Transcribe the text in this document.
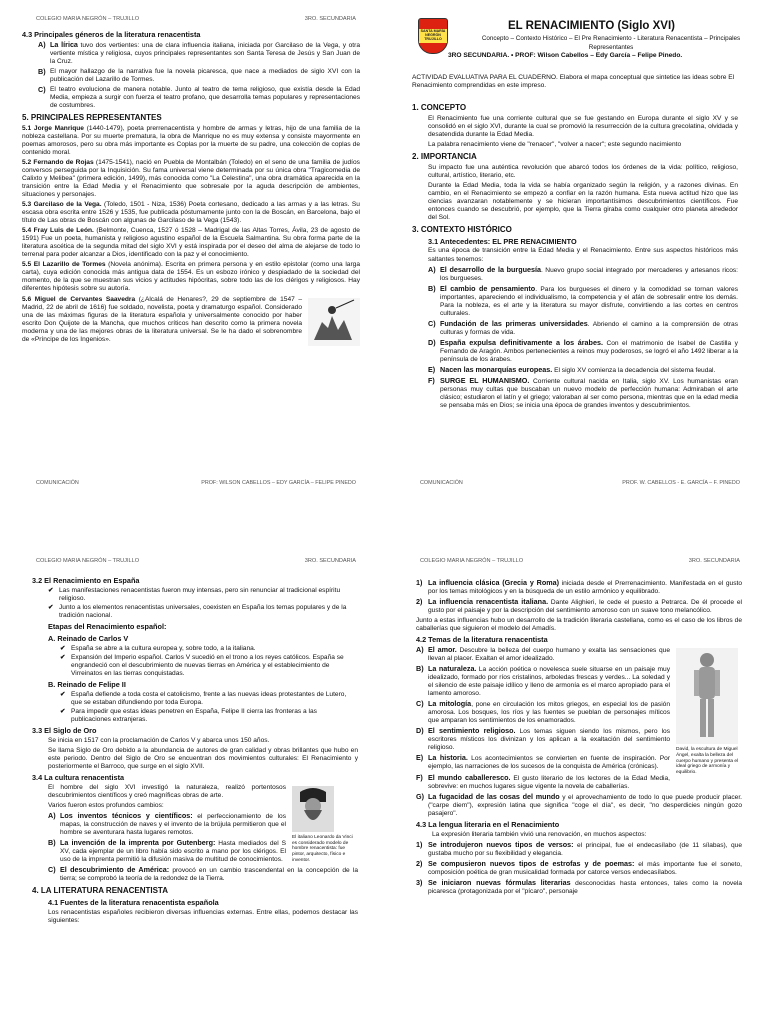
COLEGIO MARIA NEGRÓN – TRUJILLO	3RO. SECUNDARIA
4.3 Principales géneros de la literatura renacentista
A) La lírica tuvo dos vertientes: una de clara influencia italiana, iniciada por Garcilaso de la Vega, y otra vertiente mística y religiosa, cuyos principales representantes son Santa Teresa de Jesús y San Juan de la Cruz.
B) El mayor hallazgo de la narrativa fue la novela picaresca, que nace a mediados de siglo XVI con la publicación del Lazarillo de Tormes.
C) El teatro evoluciona de manera notable. Junto al teatro de tema religioso, que existía desde la Edad Media, empieza a surgir con fuerza el teatro profano, que desarrolla temas populares y representaciones de costumbres.
5. PRINCIPALES REPRESENTANTES
5.1 Jorge Manrique (1440-1479), poeta prerrenacentista y hombre de armas y letras, hijo de una familia de la nobleza castellana. Por su muerte prematura, la obra de Manrique no es muy extensa y consiste mayormente en poemas amorosos, pero su obra más importante es Coplas por la muerte de su padre, una colección de coplas de contenido moral.
5.2 Fernando de Rojas (1475-1541), nació en Puebla de Montalbán (Toledo) en el seno de una familia de judíos conversos perseguida por la Inquisición. Su fama universal viene determinada por su única obra "Tragicomedia de Calixto y Melibea" (primera edición, 1499), más conocida como "La Celestina", una obra dramática aparecida en la transición entre la Edad Media y el Renacimiento que sobresale por la aguda descripción de ambientes, situaciones y personajes.
5.3 Garcilaso de la Vega. (Toledo, 1501 - Niza, 1536) Poeta cortesano, dedicado a las armas y a las letras. Su escasa obra escrita entre 1526 y 1535, fue publicada póstumamente junto con la de Boscán, en Barcelona, bajo el título de Las obras de Boscán con algunas de Garcilaso de la Vega (1543).
5.4 Fray Luis de León. (Belmonte, Cuenca, 1527 ó 1528 – Madrigal de las Altas Torres, Ávila, 23 de agosto de 1591) Fue un poeta, humanista y religioso agustino español de la Escuela Salmantina. Su obra forma parte de la literatura ascética de la segunda mitad del siglo XVI y está inspirada por el deseo del alma de alejarse de todo lo terrenal para poder alcanzar a Dios, identificado con la paz y el conocimiento.
5.5 El Lazarillo de Tormes (Novela anónima). Escrita en primera persona y en estilo epistolar (como una larga carta), cuya edición conocida más antigua data de 1554. Es un esbozo irónico y despiadado de la sociedad del momento, de la que se muestran sus vicios y actitudes hipócritas, sobre todo las de los clérigos y religiosos. Hay diferentes hipótesis sobre su autoría.
5.6 Miguel de Cervantes Saavedra (¿Alcalá de Henares?, 29 de septiembre de 1547 – Madrid, 22 de abril de 1616) fue soldado, novelista, poeta y dramaturgo español. Considerado una de las máximas figuras de la literatura española y universalmente conocido por haber escrito Don Quijote de la Mancha, que muchos críticos han descrito como la primera novela moderna y una de las mejores obras de la literatura universal. Se le ha dado el sobrenombre de «Príncipe de los Ingenios».
COMUNICACIÓN	PROF: WILSON CABELLOS – EDY GARCÍA – FELIPE PINEDO
SANTA MARÍA NEGRÓN TRUJILLO
EL RENACIMIENTO (Siglo XVI)
Concepto – Contexto Histórico – El Pre Renacimiento - Literatura Renacentista – Principales Representantes
3RO SECUNDARIA. • PROF: Wilson Cabellos – Edy García – Felipe Pinedo.
ACTIVIDAD EVALUATIVA PARA EL CUADERNO. Elabora el mapa conceptual que sintetice las ideas sobre El Renacimiento comprendidas en este impreso.
1. CONCEPTO
El Renacimiento fue una corriente cultural que se fue gestando en Europa durante el siglo XV y se consolidó en el siglo XVI, durante la cual se promovió la resurrección de la cultura grecolatina, olvidada y desatendida durante la Edad Media.
La palabra renacimiento viene de "renacer", "volver a nacer"; este segundo nacimiento
2. IMPORTANCIA
Su impacto fue una auténtica revolución que abarcó todos los órdenes de la vida: político, religioso, cultural, artístico, literario, etc.
Durante la Edad Media, toda la vida se había organizado según la religión, y a razones divinas. En cambio, en el Renacimiento se empezó a confiar en la razón humana. Esta nueva actitud hizo que las ciencias avanzaran notablemente y se hicieran importantísimos descubrimientos científicos. Fue entonces cuando se descubrió, por ejemplo, que la Tierra giraba como cualquier otro planeta alrededor del Sol.
3. CONTEXTO HISTÓRICO
3.1 Antecedentes: EL PRE RENACIMIENTO
Es una época de transición entre la Edad Media y el Renacimiento. Entre sus aspectos históricos más saltantes tenemos:
A) El desarrollo de la burguesía. Nuevo grupo social integrado por mercaderes y artesanos ricos: los burgueses.
B) El cambio de pensamiento. Para los burgueses el dinero y la comodidad se tornan valores importantes, apareciendo el individualismo, la competencia y el afán de sobresalir entre los demás. Para la nobleza, es el arte y la literatura su mayor disfrute, convirtiendo a las cortes en centros culturales.
C) Fundación de las primeras universidades. Abriendo el camino a la comprensión de otras culturas y formas de vida.
D) España expulsa definitivamente a los árabes. Con el matrimonio de Isabel de Castilla y Fernando de Aragón. Ambos pertenecientes a reinos muy poderosos, se logró el año 1492 liberar a la península de los árabes.
E) Nacen las monarquías europeas. El siglo XV comienza la decadencia del sistema feudal.
F) SURGE EL HUMANISMO. Corriente cultural nacida en Italia, siglo XV. Los humanistas eran personas muy cultas que buscaban un nuevo modelo de perfección humana: Admiraban el arte clásico; estudiaron el latín y el griego; valoraban al ser como persona, mientras que en la edad media se pensaba más en Dios; se inicia una época de grandes inventos y descubrimientos.
COMUNICACIÓN	PROF. W. CABELLOS - E. GARCÍA – F. PINEDO
COLEGIO MARIA NEGRÓN – TRUJILLO	3RO. SECUNDARIA
3.2 El Renacimiento en España
✔ Las manifestaciones renacentistas fueron muy intensas, pero sin renunciar al tradicional espíritu religioso.
✔ Junto a los elementos renacentistas universales, coexisten en España los temas populares y de la tradición nacional.
Etapas del Renacimiento español:
A. Reinado de Carlos V
✔ España se abre a la cultura europea y, sobre todo, a la italiana.
✔ Expansión del Imperio español. Carlos V sucedió en el trono a los reyes católicos. España se engrandeció con el descubrimiento de nuevas tierras en América y el establecimiento de Virreinatos en las tierras conquistadas.
B. Reinado de Felipe II
✔ España defiende a toda costa el catolicismo, frente a las nuevas ideas protestantes de Lutero, que se estaban difundiendo por toda Europa.
✔ Para impedir que estas ideas penetren en España, Felipe II cierra las fronteras a las publicaciones extranjeras.
3.3 El Siglo de Oro
Se inicia en 1517 con la proclamación de Carlos V y abarca unos 150 años.
Se llama Siglo de Oro debido a la abundancia de autores de gran calidad y obras brillantes que hubo en este periodo. Dentro del Siglo de Oro se encuentran dos movimientos culturales: El Renacimiento y posteriormente el Barroco, que surge en el siglo XVII.
3.4 La cultura renacentista
El italiano Leonardo da Vinci es considerado modelo de hombre renacentista: fue pintor, arquitecto, físico e inventor.
El hombre del siglo XVI investigó la naturaleza, realizó portentosos descubrimientos científicos y creó magníficas obras de arte.
Varios fueron estos profundos cambios:
A) Los inventos técnicos y científicos: el perfeccionamiento de los mapas, la construcción de naves y el invento de la brújula permitieron que el hombre se aventurara hasta lugares remotos.
B) La invención de la imprenta por Gutenberg: Hasta mediados del S XV, cada ejemplar de un libro había sido escrito a mano por los clérigos. El uso de la imprenta permitió la difusión masiva de multitud de conocimientos.
C) El descubrimiento de América: provocó en un cambio trascendental en la concepción de la tierra; se comprobó la teoría de la redondez de la Tierra.
4. LA LITERATURA RENACENTISTA
4.1 Fuentes de la literatura renacentista española
Los renacentistas españoles recibieron diversas influencias externas. Entre ellas, podemos destacar las siguientes:
COLEGIO MARIA NEGRÓN – TRUJILLO	3RO. SECUNDARIA
1) La influencia clásica (Grecia y Roma) iniciada desde el Prerrenacimiento. Manifestada en el gusto por los temas mitológicos y en la búsqueda de un estilo armónico y equilibrado.
2) La influencia renacentista italiana. Dante Alighieri, le cede el puesto a Petrarca. De él procede el gusto por el paisaje y por la descripción del sentimiento amoroso con un suave tono melancólico.
Junto a estas influencias hubo un desarrollo de la tradición literaria castellana, como es el caso de los libros de caballerías que siguieron el modelo del Amadís.
4.2 Temas de la literatura renacentista
David, la escultura de Miguel Ángel, exalta la belleza del cuerpo humano y presenta el ideal griego de armonía y equilibrio.
A) El amor. Descubre la belleza del cuerpo humano y exalta las sensaciones que llevan al placer. Exaltan el amor idealizado.
B) La naturaleza. La acción poética o novelesca suele situarse en un paisaje muy idealizado, formado por ríos cristalinos, arboledas frescas y verdes... La soledad y el silencio de este paisaje idílico y lleno de armonía es el marco apropiado para el lamento amoroso.
C) La mitología, pone en circulación los mitos griegos, en especial los de pasión amorosa. Los bosques, los ríos y las fuentes se pueblan de personajes míticos que amparan los sentimientos de los enamorados.
D) El sentimiento religioso. Los temas siguen siendo los mismos, pero los escritores místicos los divinizan y los aplican a la exaltación del sentimiento religioso.
E) La historia. Los acontecimientos se convierten en fuente de inspiración. Por ejemplo, las narraciones de los sucesos de la conquista de América (crónicas).
F) El mundo caballeresco. El gusto literario de los lectores de la Edad Media, sobrevive: en muchos lugares sigue vigente la novela de caballerías.
G) La fugacidad de las cosas del mundo y el aprovechamiento de todo lo que puede producir placer. ("carpe diem"), expresión latina que significa "coge el día", es decir, "no desperdicies ningún gozo pasajero".
4.3 La lengua literaria en el Renacimiento
La expresión literaria también vivió una renovación, en muchos aspectos:
1) Se introdujeron nuevos tipos de versos: el principal, fue el endecasílabo (de 11 sílabas), que gustaba mucho por su flexibilidad y elegancia.
2) Se compusieron nuevos tipos de estrofas y de poemas: el más importante fue el soneto, composición poética de gran musicalidad formada por catorce versos endecasílabos.
3) Se iniciaron nuevas fórmulas literarias desconocidas hasta entonces, tales como la novela picaresca (protagonizada por el "pícaro", personaje
